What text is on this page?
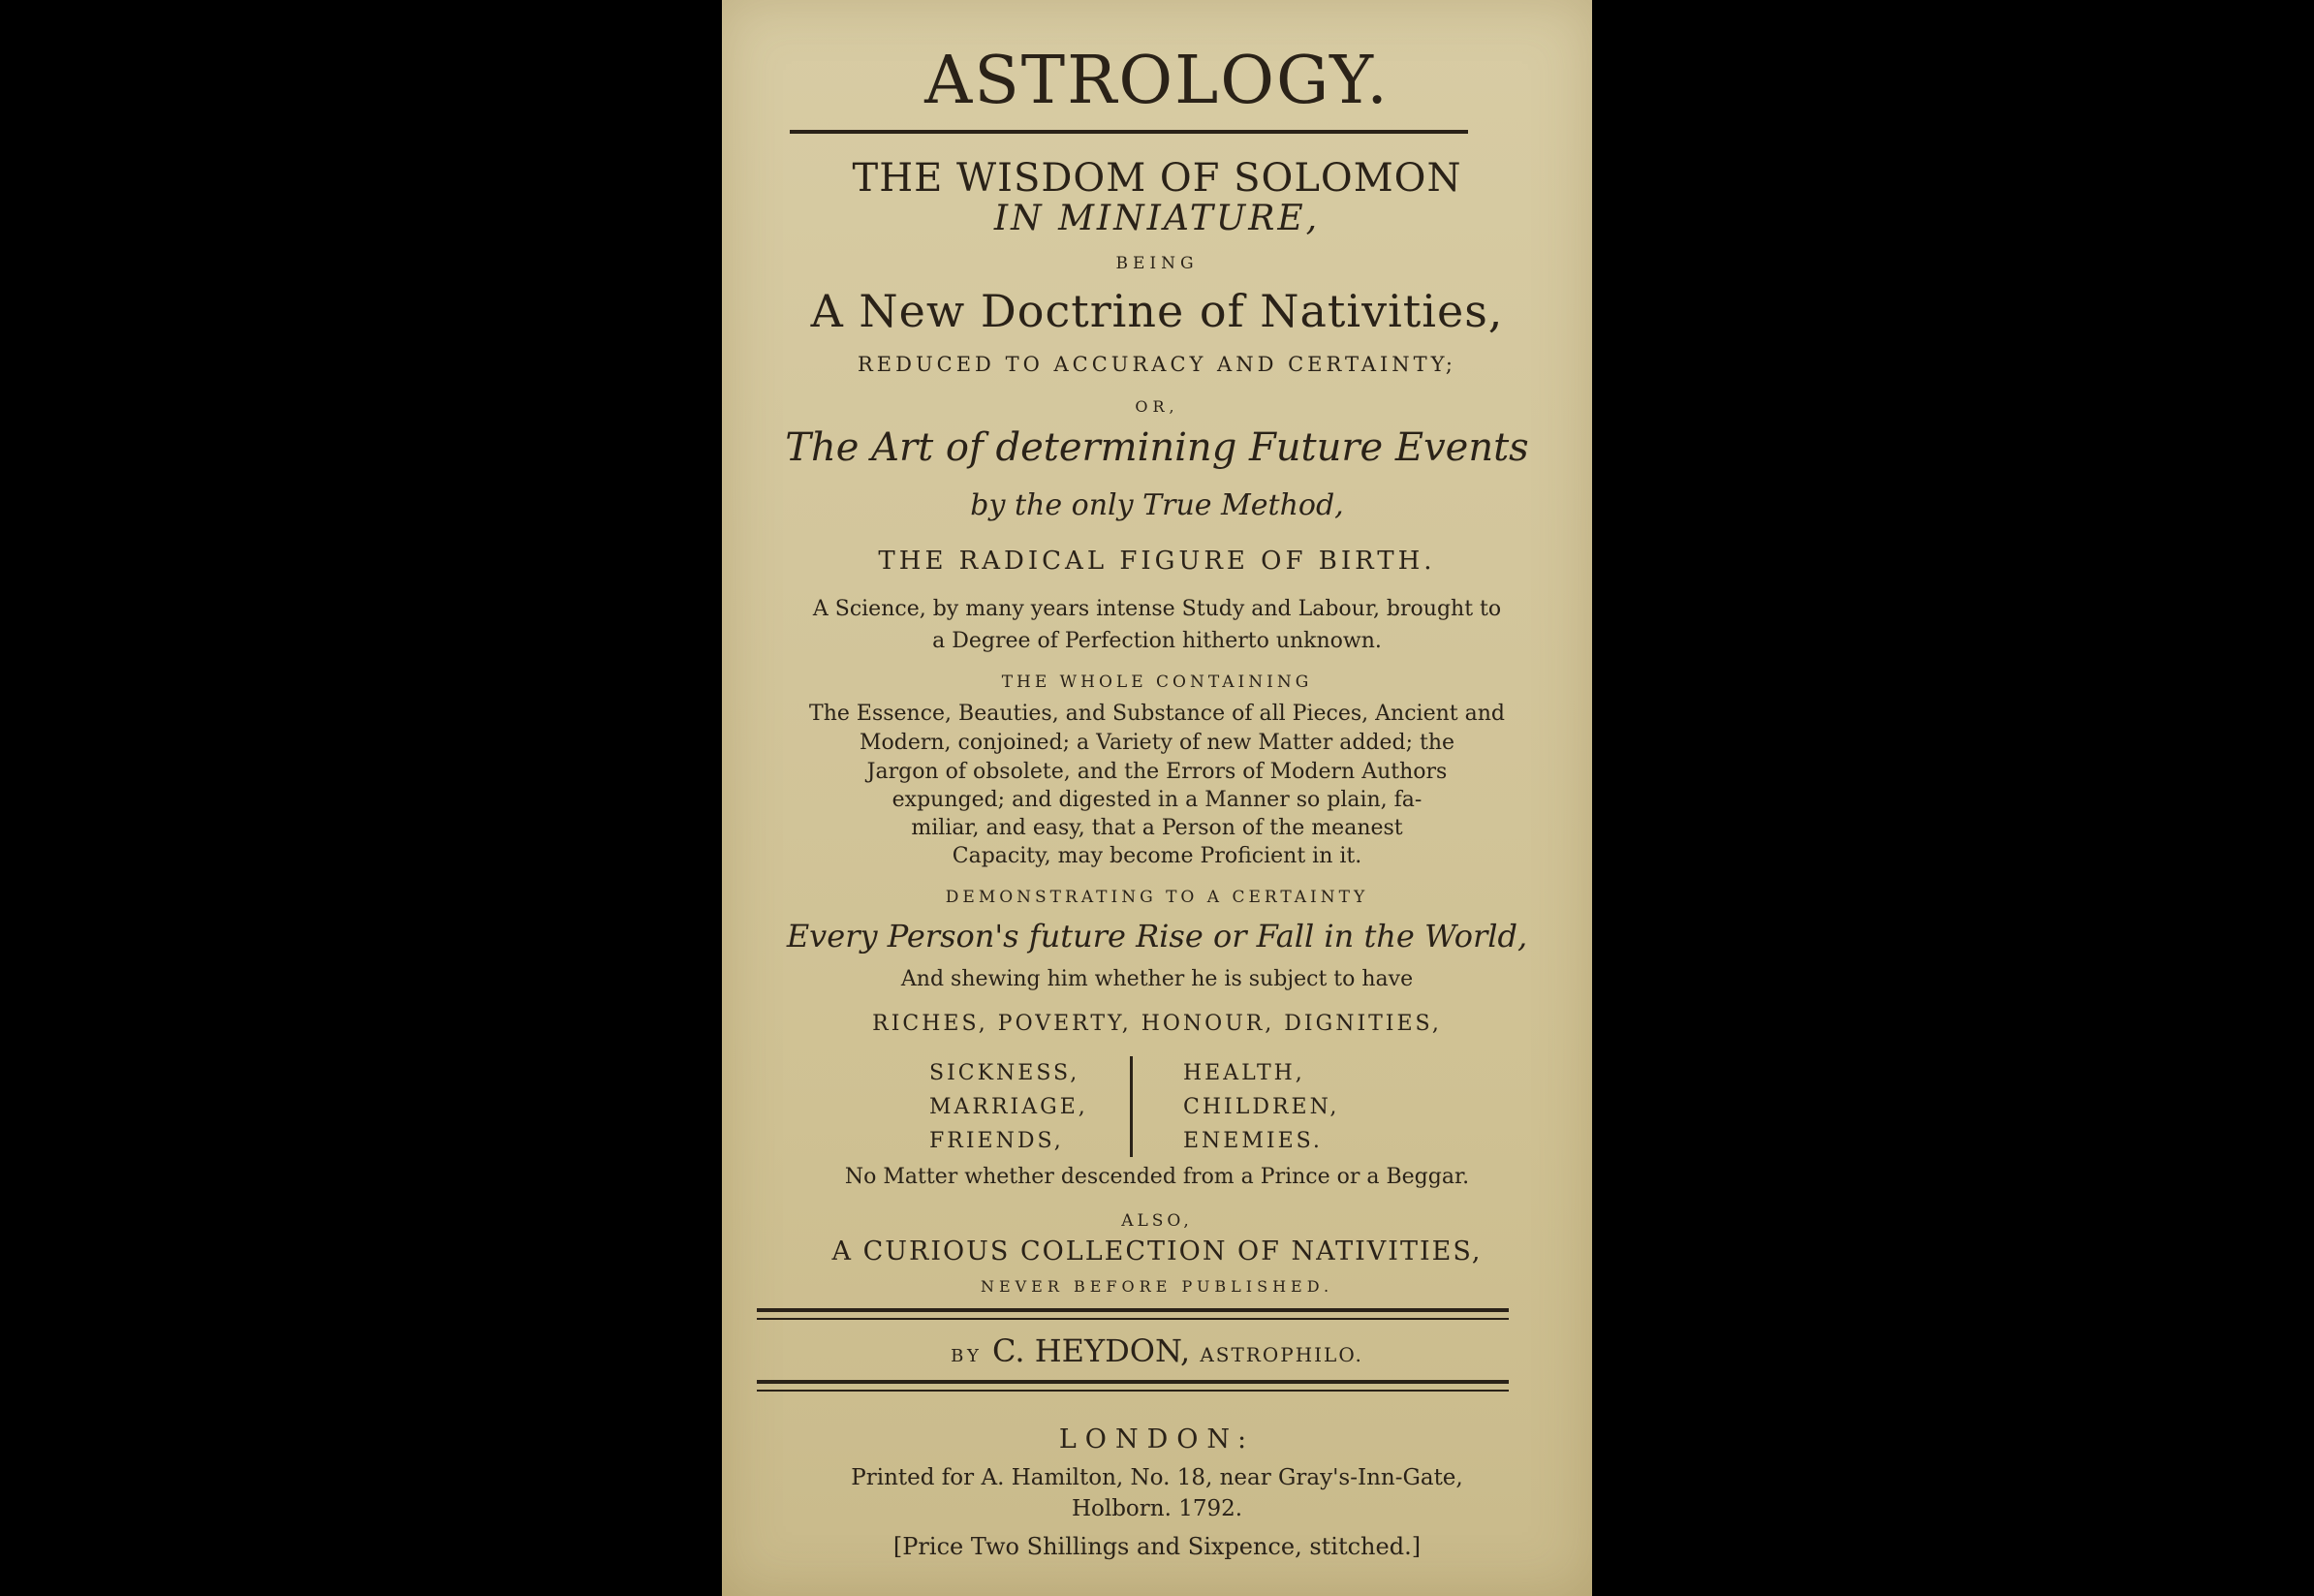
ASTROLOGY.
THE WISDOM OF SOLOMON
IN MINIATURE,
BEING
A New Doctrine of Nativities,
REDUCED TO ACCURACY AND CERTAINTY;
OR,
The Art of determining Future Events
by the only True Method,
THE RADICAL FIGURE OF BIRTH.
A Science, by many years intense Study and Labour, brought to
a Degree of Perfection hitherto unknown.
THE WHOLE CONTAINING
The Essence, Beauties, and Substance of all Pieces, Ancient and
Modern, conjoined; a Variety of new Matter added; the
Jargon of obsolete, and the Errors of Modern Authors
expunged; and digested in a Manner so plain, fa-
miliar, and easy, that a Person of the meanest
Capacity, may become Proficient in it.
DEMONSTRATING TO A CERTAINTY
Every Person's future Rise or Fall in the World,
And shewing him whether he is subject to have
RICHES, POVERTY, HONOUR, DIGNITIES,
SICKNESS,
MARRIAGE,
FRIENDS,
HEALTH,
CHILDREN,
ENEMIES.
No Matter whether descended from a Prince or a Beggar.
ALSO,
A CURIOUS COLLECTION OF NATIVITIES,
NEVER BEFORE PUBLISHED.
BY C. HEYDON, ASTROPHILO.
LONDON:
Printed for A. Hamilton, No. 18, near Gray's-Inn-Gate,
Holborn. 1792.
[Price Two Shillings and Sixpence, stitched.]
